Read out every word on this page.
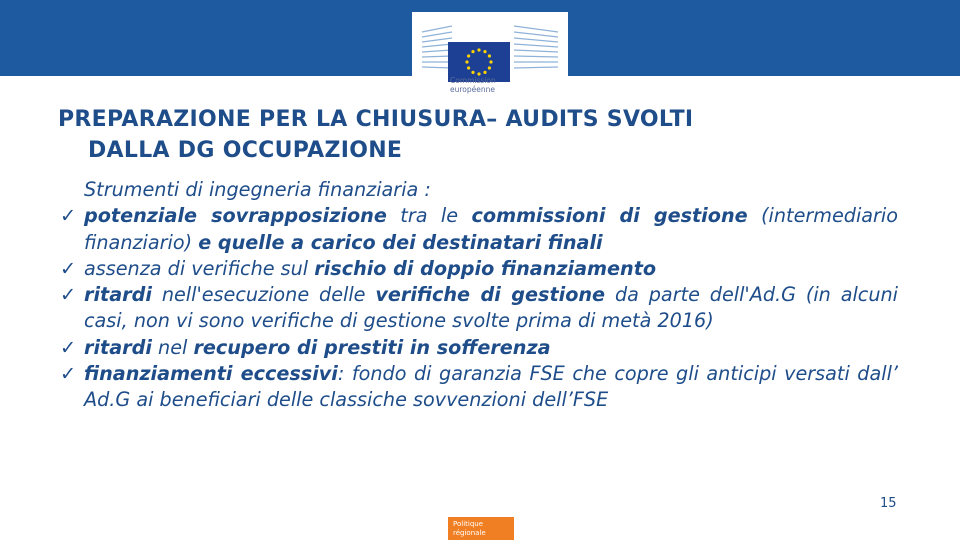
Commission
européenne
PREPARAZIONE PER LA CHIUSURA– AUDITS SVOLTI
DALLA DG OCCUPAZIONE
Strumenti di ingegneria finanziaria :
✓ potenziale sovrapposizione tra le commissioni di gestione (intermediario finanziario) e quelle a carico dei destinatari finali
✓ assenza di verifiche sul rischio di doppio finanziamento
✓ ritardi nell'esecuzione delle verifiche di gestione da parte dell'Ad.G (in alcuni casi, non vi sono verifiche di gestione svolte prima di metà 2016)
✓ ritardi nel recupero di prestiti in sofferenza
✓ finanziamenti eccessivi: fondo di garanzia FSE che copre gli anticipi versati dall’ Ad.G ai beneficiari delle classiche sovvenzioni dell’FSE
15
Politique
régionale
